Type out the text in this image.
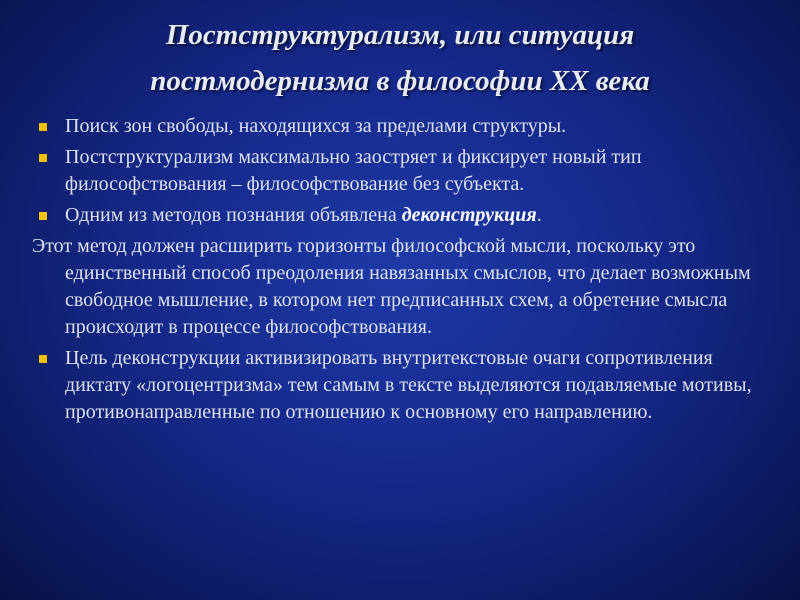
Постструктурализм, или ситуация
постмодернизма в философии XX века
Поиск зон свободы, находящихся за пределами структуры.
Постструктурализм максимально заостряет и фиксирует новый тип философствования – философствование без субъекта.
Одним из методов познания объявлена деконструкция.
Этот метод должен расширить горизонты философской мысли, поскольку это единственный способ преодоления навязанных смыслов, что делает возможным свободное мышление, в котором нет предписанных схем, а обретение смысла происходит в процессе философствования.
Цель деконструкции активизировать внутритекстовые очаги сопротивления диктату «логоцентризма» тем самым в тексте выделяются подавляемые мотивы, противонаправленные по отношению к основному его направлению.
